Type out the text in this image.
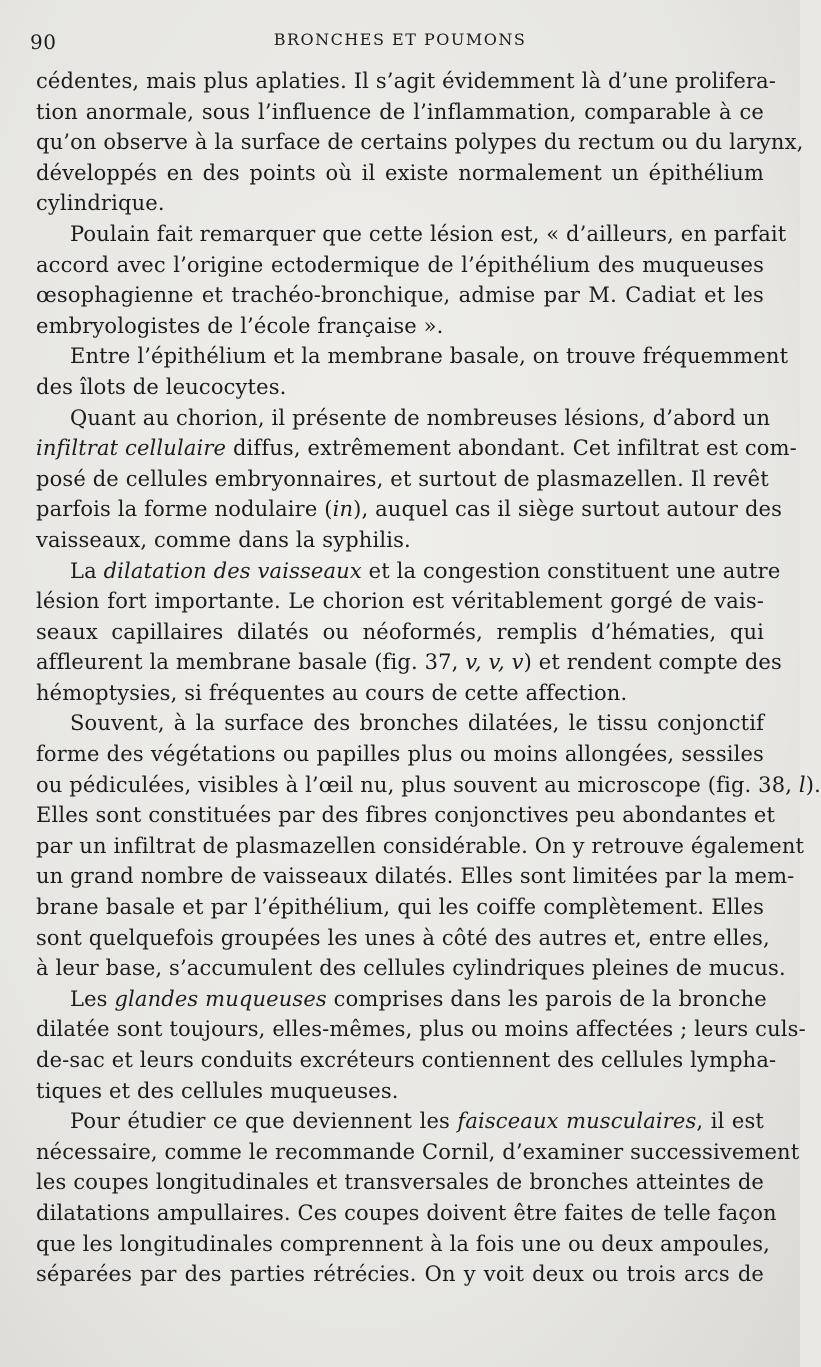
90	BRONCHES ET POUMONS
cédentes, mais plus aplaties. Il s’agit évidemment là d’une prolifera-
tion anormale, sous l’influence de l’inflammation, comparable à ce
qu’on observe à la surface de certains polypes du rectum ou du larynx,
développés en des points où il existe normalement un épithélium
cylindrique.
Poulain fait remarquer que cette lésion est, « d’ailleurs, en parfait
accord avec l’origine ectodermique de l’épithélium des muqueuses
œsophagienne et trachéo-bronchique, admise par M. Cadiat et les
embryologistes de l’école française ».
Entre l’épithélium et la membrane basale, on trouve fréquemment
des îlots de leucocytes.
Quant au chorion, il présente de nombreuses lésions, d’abord un
infiltrat cellulaire diffus, extrêmement abondant. Cet infiltrat est com-
posé de cellules embryonnaires, et surtout de plasmazellen. Il revêt
parfois la forme nodulaire (in), auquel cas il siège surtout autour des
vaisseaux, comme dans la syphilis.
La dilatation des vaisseaux et la congestion constituent une autre
lésion fort importante. Le chorion est véritablement gorgé de vais-
seaux capillaires dilatés ou néoformés, remplis d’hématies, qui
affleurent la membrane basale (fig. 37, v, v, v) et rendent compte des
hémoptysies, si fréquentes au cours de cette affection.
Souvent, à la surface des bronches dilatées, le tissu conjonctif
forme des végétations ou papilles plus ou moins allongées, sessiles
ou pédiculées, visibles à l’œil nu, plus souvent au microscope (fig. 38, l).
Elles sont constituées par des fibres conjonctives peu abondantes et
par un infiltrat de plasmazellen considérable. On y retrouve également
un grand nombre de vaisseaux dilatés. Elles sont limitées par la mem-
brane basale et par l’épithélium, qui les coiffe complètement. Elles
sont quelquefois groupées les unes à côté des autres et, entre elles,
à leur base, s’accumulent des cellules cylindriques pleines de mucus.
Les glandes muqueuses comprises dans les parois de la bronche
dilatée sont toujours, elles-mêmes, plus ou moins affectées ; leurs culs-
de-sac et leurs conduits excréteurs contiennent des cellules lympha-
tiques et des cellules muqueuses.
Pour étudier ce que deviennent les faisceaux musculaires, il est
nécessaire, comme le recommande Cornil, d’examiner successivement
les coupes longitudinales et transversales de bronches atteintes de
dilatations ampullaires. Ces coupes doivent être faites de telle façon
que les longitudinales comprennent à la fois une ou deux ampoules,
séparées par des parties rétrécies. On y voit deux ou trois arcs de
